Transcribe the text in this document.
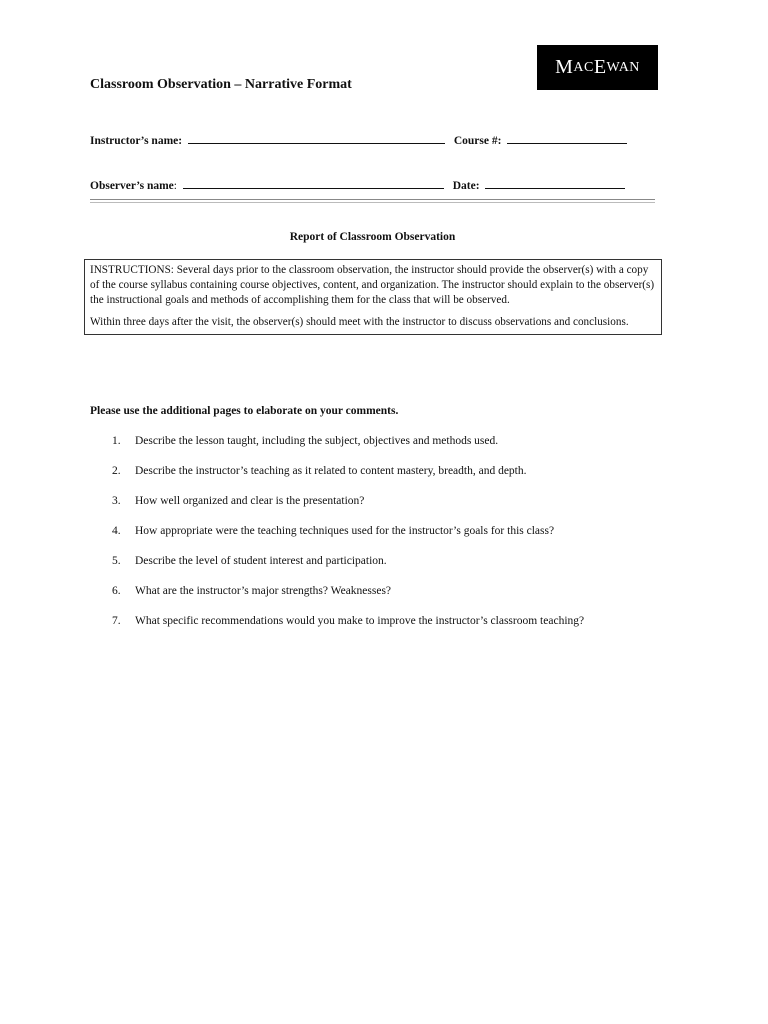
Classroom Observation – Narrative Format
M AC E WAN
Instructor’s name:	Course #:
Observer’s name:	Date:
Report of Classroom Observation

INSTRUCTIONS: Several days prior to the classroom observation, the instructor should provide the observer(s) with a copy of the course syllabus containing course objectives, content, and organization. The instructor should explain to the observer(s) the instructional goals and methods of accomplishing them for the class that will be observed.

Within three days after the visit, the observer(s) should meet with the instructor to discuss observations and conclusions.

Please use the additional pages to elaborate on your comments.
1.	Describe the lesson taught, including the subject, objectives and methods used.
2.	Describe the instructor’s teaching as it related to content mastery, breadth, and depth.
3.	How well organized and clear is the presentation?
4.	How appropriate were the teaching techniques used for the instructor’s goals for this class?
5.	Describe the level of student interest and participation.
6.	What are the instructor’s major strengths? Weaknesses?
7.	What specific recommendations would you make to improve the instructor’s classroom teaching?
